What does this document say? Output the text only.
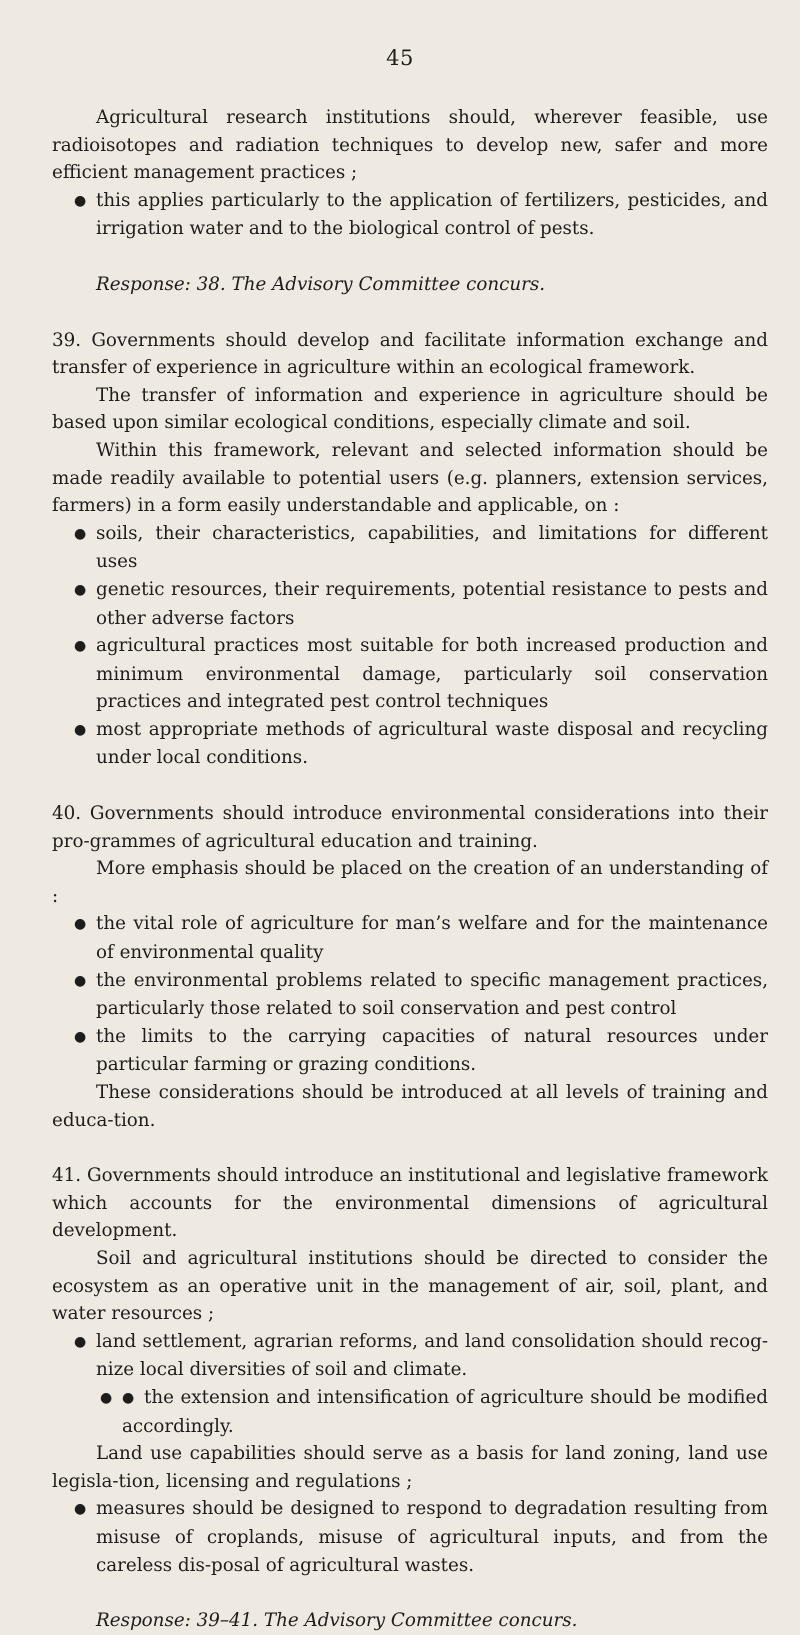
45

Agricultural research institutions should, wherever feasible, use radioisotopes and radiation techniques to develop new, safer and more efficient management practices ;

● this applies particularly to the application of fertilizers, pesticides, and irrigation water and to the biological control of pests.

Response: 38. The Advisory Committee concurs.

39. Governments should develop and facilitate information exchange and transfer of experience in agriculture within an ecological framework.

The transfer of information and experience in agriculture should be based upon similar ecological conditions, especially climate and soil.

Within this framework, relevant and selected information should be made readily available to potential users (e.g. planners, extension services, farmers) in a form easily understandable and applicable, on :

● soils, their characteristics, capabilities, and limitations for different uses

● genetic resources, their requirements, potential resistance to pests and other adverse factors

● agricultural practices most suitable for both increased production and minimum environmental damage, particularly soil conservation practices and integrated pest control techniques

● most appropriate methods of agricultural waste disposal and recycling under local conditions.

40. Governments should introduce environmental considerations into their pro-grammes of agricultural education and training.

More emphasis should be placed on the creation of an understanding of :

● the vital role of agriculture for man’s welfare and for the maintenance of environmental quality

● the environmental problems related to specific management practices, particularly those related to soil conservation and pest control

● the limits to the carrying capacities of natural resources under particular farming or grazing conditions.

These considerations should be introduced at all levels of training and educa-tion.

41. Governments should introduce an institutional and legislative framework which accounts for the environmental dimensions of agricultural development.

Soil and agricultural institutions should be directed to consider the ecosystem as an operative unit in the management of air, soil, plant, and water resources ;

● land settlement, agrarian reforms, and land consolidation should recog-nize local diversities of soil and climate.

● ● the extension and intensification of agriculture should be modified accordingly.

Land use capabilities should serve as a basis for land zoning, land use legisla-tion, licensing and regulations ;

● measures should be designed to respond to degradation resulting from misuse of croplands, misuse of agricultural inputs, and from the careless dis-posal of agricultural wastes.

Response: 39–41. The Advisory Committee concurs.
